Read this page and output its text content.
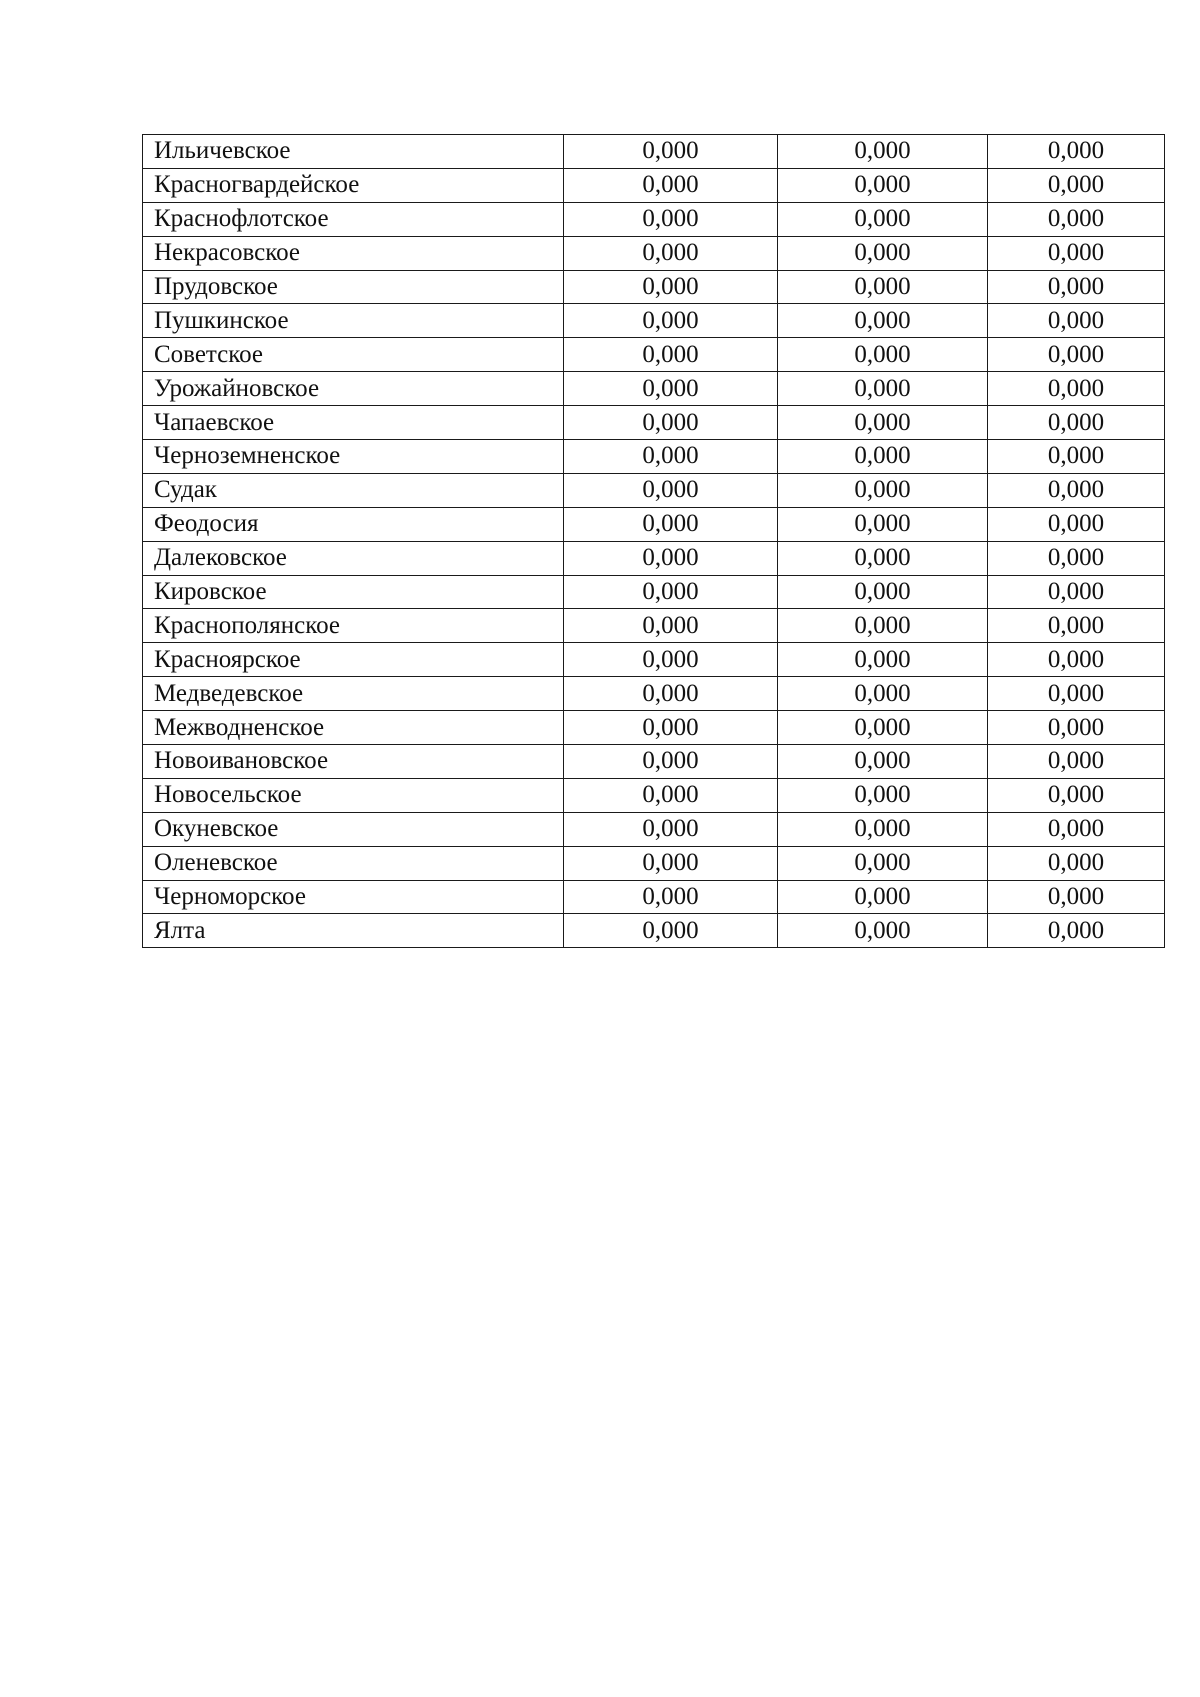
Ильичевское	0,000	0,000	0,000
Красногвардейское	0,000	0,000	0,000
Краснофлотское	0,000	0,000	0,000
Некрасовское	0,000	0,000	0,000
Прудовское	0,000	0,000	0,000
Пушкинское	0,000	0,000	0,000
Советское	0,000	0,000	0,000
Урожайновское	0,000	0,000	0,000
Чапаевское	0,000	0,000	0,000
Черноземненское	0,000	0,000	0,000
Судак	0,000	0,000	0,000
Феодосия	0,000	0,000	0,000
Далековское	0,000	0,000	0,000
Кировское	0,000	0,000	0,000
Краснополянское	0,000	0,000	0,000
Красноярское	0,000	0,000	0,000
Медведевское	0,000	0,000	0,000
Межводненское	0,000	0,000	0,000
Новоивановское	0,000	0,000	0,000
Новосельское	0,000	0,000	0,000
Окуневское	0,000	0,000	0,000
Оленевское	0,000	0,000	0,000
Черноморское	0,000	0,000	0,000
Ялта	0,000	0,000	0,000
